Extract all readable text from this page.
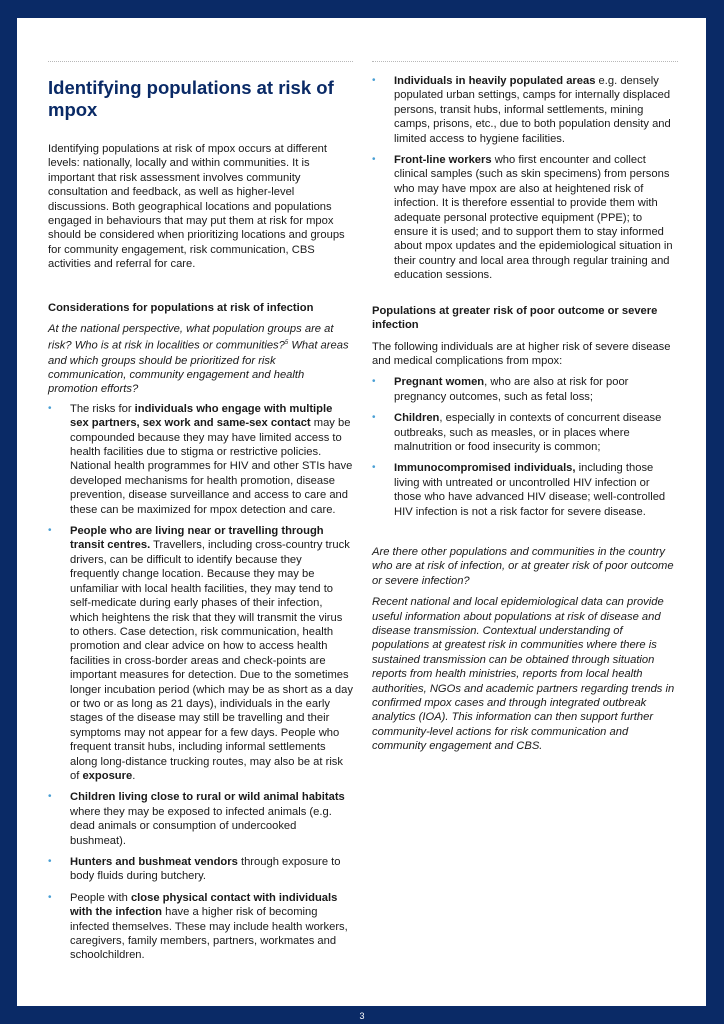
Identifying populations at risk of mpox

Identifying populations at risk of mpox occurs at different levels: nationally, locally and within communities. It is important that risk assessment involves community consultation and feedback, as well as higher-level discussions. Both geographical locations and populations engaged in behaviours that may put them at risk for mpox should be considered when prioritizing locations and groups for community engagement, risk communication, CBS activities and referral for care.

Considerations for populations at risk of infection

At the national perspective, what population groups are at risk? Who is at risk in localities or communities?$^5$ What areas and which groups should be prioritized for risk communication, community engagement and health promotion efforts?

• The risks for individuals who engage with multiple sex partners, sex work and same-sex contact may be compounded because they may have limited access to health facilities due to stigma or restrictive policies. National health programmes for HIV and other STIs have developed mechanisms for health promotion, disease prevention, disease surveillance and access to care and these can be maximized for mpox detection and care.
• People who are living near or travelling through transit centres. Travellers, including cross-country truck drivers, can be difficult to identify because they frequently change location. Because they may be unfamiliar with local health facilities, they may tend to self-medicate during early phases of their infection, which heightens the risk that they will transmit the virus to others. Case detection, risk communication, health promotion and clear advice on how to access health facilities in cross-border areas and check-points are important measures for detection. Due to the sometimes longer incubation period (which may be as short as a day or two or as long as 21 days), individuals in the early stages of the disease may still be travelling and their symptoms may not appear for a few days. People who frequent transit hubs, including informal settlements along long-distance trucking routes, may also be at risk of exposure.
• Children living close to rural or wild animal habitats where they may be exposed to infected animals (e.g. dead animals or consumption of undercooked bushmeat).
• Hunters and bushmeat vendors through exposure to body fluids during butchery.
• People with close physical contact with individuals with the infection have a higher risk of becoming infected themselves. These may include health workers, caregivers, family members, partners, workmates and schoolchildren.
• Individuals in heavily populated areas e.g. densely populated urban settings, camps for internally displaced persons, transit hubs, informal settlements, mining camps, prisons, etc., due to both population density and limited access to hygiene facilities.
• Front-line workers who first encounter and collect clinical samples (such as skin specimens) from persons who may have mpox are also at heightened risk of infection. It is therefore essential to provide them with adequate personal protective equipment (PPE); to ensure it is used; and to support them to stay informed about mpox updates and the epidemiological situation in their country and local area through regular training and education sessions.
Populations at greater risk of poor outcome or severe infection

The following individuals are at higher risk of severe disease and medical complications from mpox:

• Pregnant women, who are also at risk for poor pregnancy outcomes, such as fetal loss;
• Children, especially in contexts of concurrent disease outbreaks, such as measles, or in places where malnutrition or food insecurity is common;
• Immunocompromised individuals, including those living with untreated or uncontrolled HIV infection or those who have advanced HIV disease; well-controlled HIV infection is not a risk factor for severe disease.

Are there other populations and communities in the country who are at risk of infection, or at greater risk of poor outcome or severe infection?

Recent national and local epidemiological data can provide useful information about populations at risk of disease and disease transmission. Contextual understanding of populations at greatest risk in communities where there is sustained transmission can be obtained through situation reports from health ministries, reports from local health authorities, NGOs and academic partners regarding trends in confirmed mpox cases and through integrated outbreak analytics (IOA). This information can then support further community-level actions for risk communication and community engagement and CBS.

3
